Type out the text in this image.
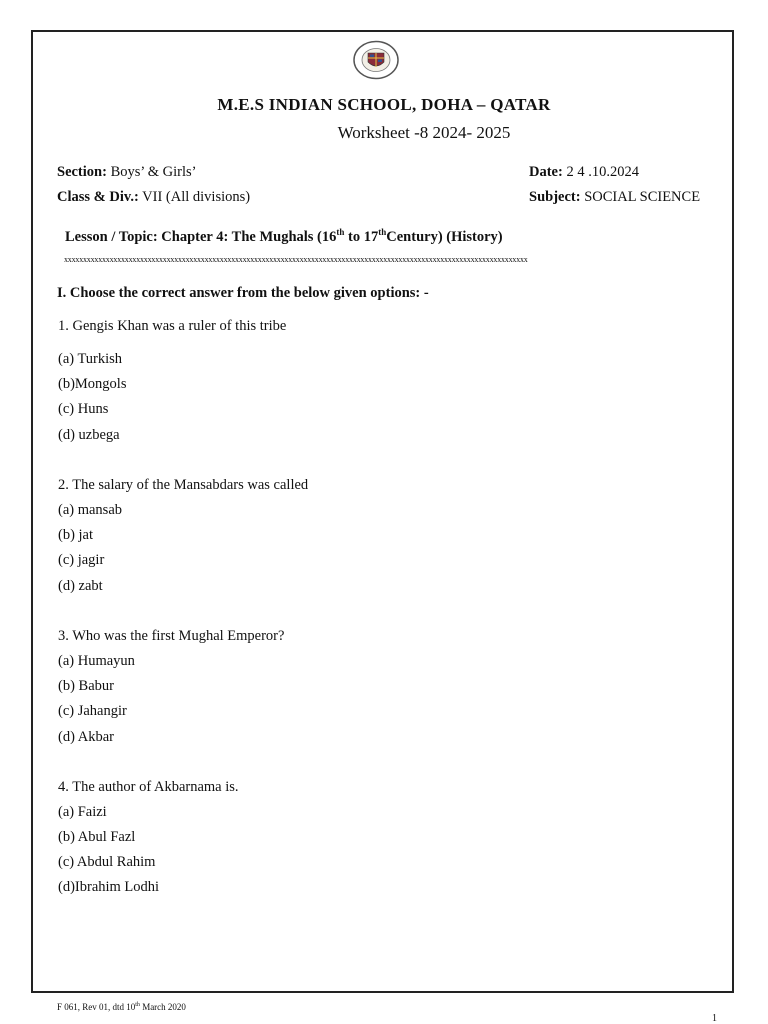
M.E.S INDIAN SCHOOL, DOHA – QATAR
Worksheet -8 2024- 2025
Section: Boys’ & Girls’	Date: 2 4 .10.2024
Class & Div.: VII (All divisions)	Subject: SOCIAL SCIENCE
Lesson / Topic: Chapter 4: The Mughals (16th to 17thCentury) (History)
xxxxxxxxxxxxxxxxxxxxxxxxxxxxxxxxxxxxxxxxxxxxxxxxxxxxxxxxxxxxxxxxxxxxxxxxxxxxxxxxxxxxxxxxxxxxxxxxxxxxxxxxxxxxxxxxxxxxxxxxxx
I. Choose the correct answer from the below given options: -
1. Gengis Khan was a ruler of this tribe
(a) Turkish
(b)Mongols
(c) Huns
(d) uzbega
2. The salary of the Mansabdars was called
(a) mansab
(b) jat
(c) jagir
(d) zabt
3. Who was the first Mughal Emperor?
(a) Humayun
(b) Babur
(c) Jahangir
(d) Akbar
4. The author of Akbarnama is.
(a) Faizi
(b) Abul Fazl
(c) Abdul Rahim
(d)Ibrahim Lodhi
F 061, Rev 01, dtd 10th March 2020
1
